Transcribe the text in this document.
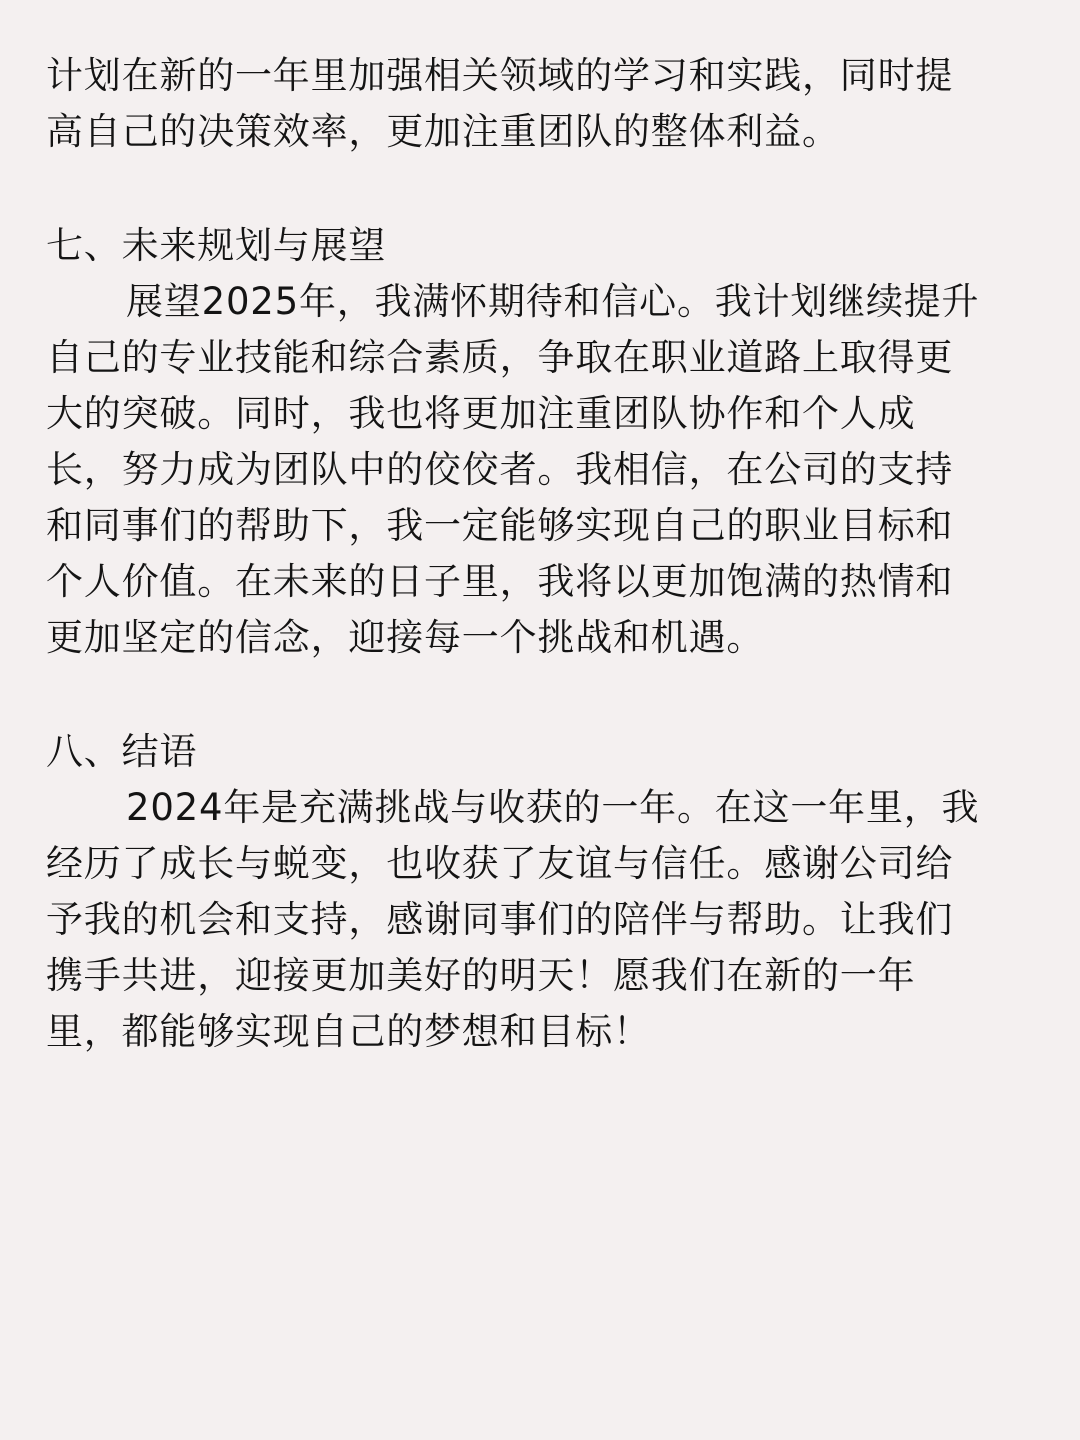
计划在新的一年里加强相关领域的学习和实践，同时提
高自己的决策效率，更加注重团队的整体利益。
七、未来规划与展望
展望2025年，我满怀期待和信心。我计划继续提升
自己的专业技能和综合素质，争取在职业道路上取得更
大的突破。同时，我也将更加注重团队协作和个人成
长，努力成为团队中的佼佼者。我相信，在公司的支持
和同事们的帮助下，我一定能够实现自己的职业目标和
个人价值。在未来的日子里，我将以更加饱满的热情和
更加坚定的信念，迎接每一个挑战和机遇。
八、结语
2024年是充满挑战与收获的一年。在这一年里，我
经历了成长与蜕变，也收获了友谊与信任。感谢公司给
予我的机会和支持，感谢同事们的陪伴与帮助。让我们
携手共进，迎接更加美好的明天！愿我们在新的一年
里，都能够实现自己的梦想和目标！
